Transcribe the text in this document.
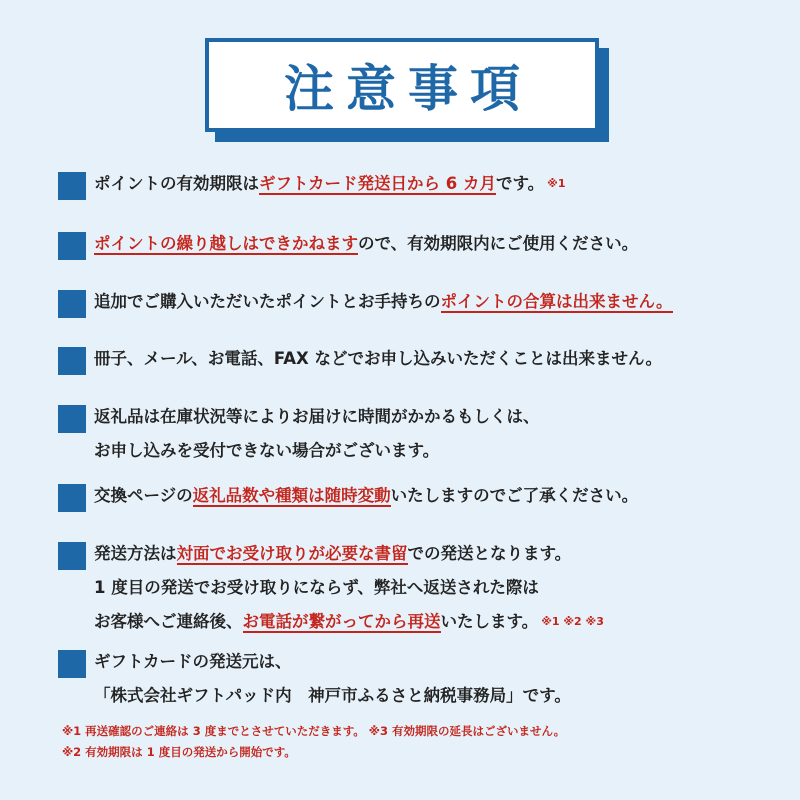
注意事項
ポイントの有効期限はギフトカード発送日から 6 カ月です。 $^{※1}$
ポイントの繰り越しはできかねますので、有効期限内にご使用ください。
追加でご購入いただいたポイントとお手持ちのポイントの合算は出来ません。
冊子、メール、お電話、FAX などでお申し込みいただくことは出来ません。
返礼品は在庫状況等によりお届けに時間がかかるもしくは、
お申し込みを受付できない場合がございます。
交換ページの返礼品数や種類は随時変動いたしますのでご了承ください。
発送方法は対面でお受け取りが必要な書留での発送となります。
1 度目の発送でお受け取りにならず、弊社へ返送された際は
お客様へご連絡後、お電話が繋がってから再送いたします。 $^{※1 ※2 ※3}$
ギフトカードの発送元は、
「株式会社ギフトパッド内　神戸市ふるさと納税事務局」です。
※1 再送確認のご連絡は 3 度までとさせていただきます。 ※3 有効期限の延長はございません。
※2 有効期限は 1 度目の発送から開始です。
